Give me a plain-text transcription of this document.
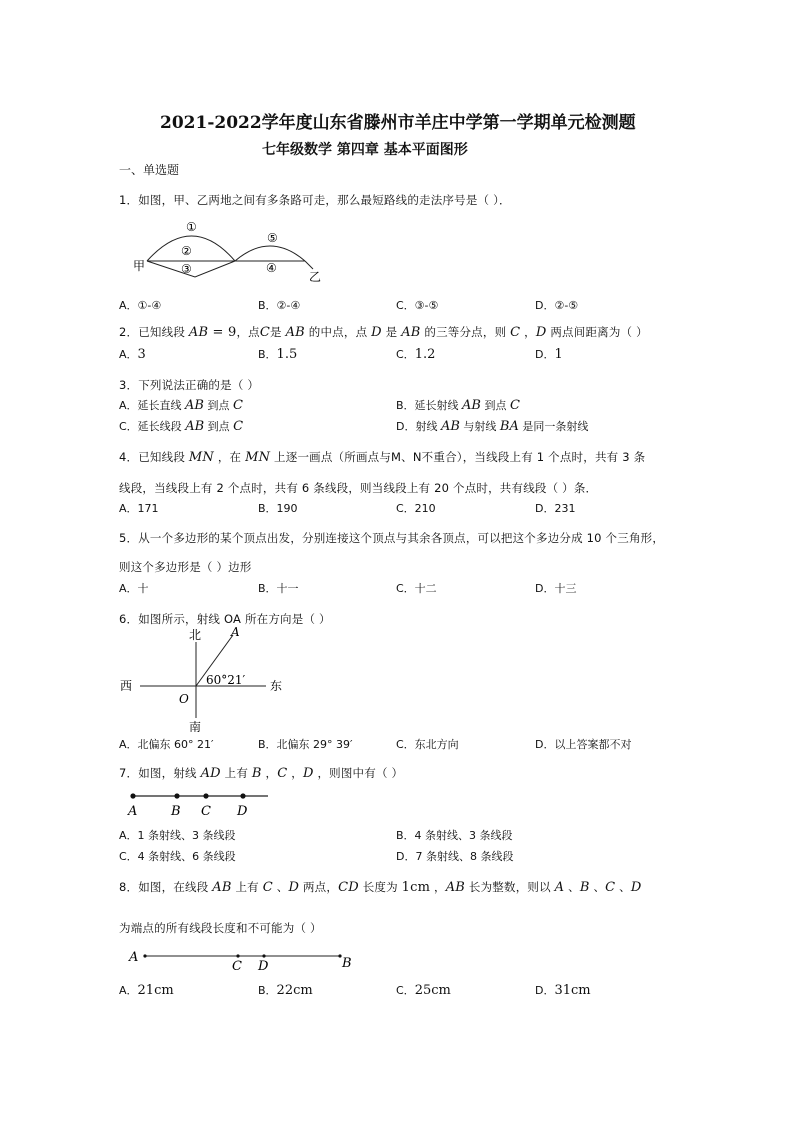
2021-2022学年度山东省滕州市羊庄中学第一学期单元检测题
七年级数学 第四章 基本平面图形
一、单选题
1．如图，甲、乙两地之间有多条路可走，那么最短路线的走法序号是（ ）．
甲
乙
①
②
③	④
⑤
A．①-④	B．②-④	C．③-⑤	D．②-⑤
2．已知线段 AB = 9，点C是 AB 的中点，点 D 是 AB 的三等分点，则 C ，D 两点间距离为（ ）
A．3	B．1.5	C．1.2	D．1
3．下列说法正确的是（ ）
A．延长直线 AB 到点 C	B．延长射线 AB 到点 C
C．延长线段 AB 到点 C	D．射线 AB 与射线 BA 是同一条射线
4．已知线段 MN ，在 MN 上逐一画点（所画点与M、N不重合），当线段上有 1 个点时，共有 3 条
线段，当线段上有 2 个点时，共有 6 条线段，则当线段上有 20 个点时，共有线段（ ）条．
A．171	B．190	C．210	D．231
5．从一个多边形的某个顶点出发，分别连接这个顶点与其余各顶点，可以把这个多边分成 10 个三角形，
则这个多边形是（ ）边形
A．十	B．十一	C．十二	D．十三
6．如图所示，射线 OA 所在方向是（ ）
北
南
西	东
O
A
60°21′
A．北偏东 60° 21′	B．北偏东 29° 39′	C．东北方向	D．以上答案都不对
7．如图，射线 AD 上有 B ，C ，D ，则图中有（ ）
A	B C D
A．1 条射线、3 条线段	B．4 条射线、3 条线段
C．4 条射线、6 条线段	D．7 条射线、8 条线段
8．如图，在线段 AB 上有 C 、D 两点，CD 长度为 1cm ，AB 长为整数，则以 A 、B 、C 、D
为端点的所有线段长度和不可能为（ ）
A
C D	B
A．21cm	B．22cm	C．25cm	D．31cm
